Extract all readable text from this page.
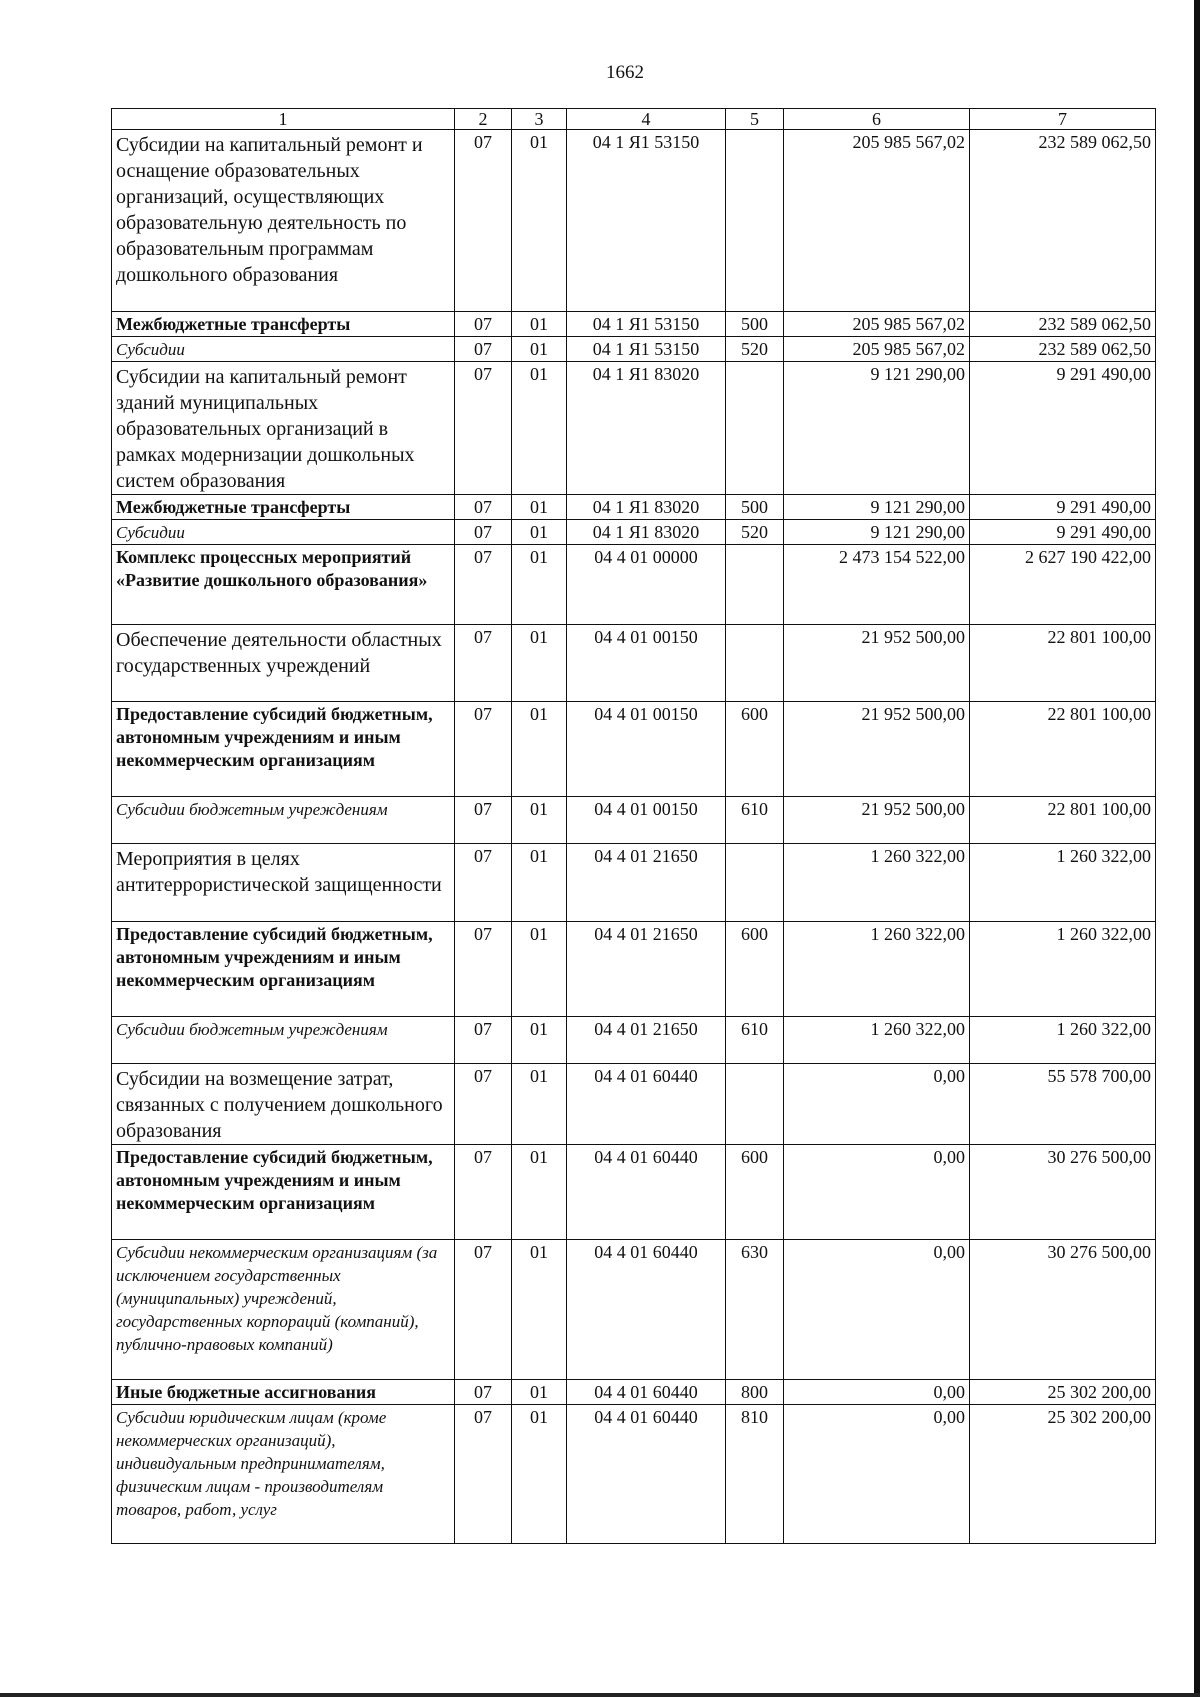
1662
1	2	3	4	5	6	7
Субсидии на капитальный ремонт и оснащение образовательных организаций, осуществляющих образовательную деятельность по образовательным программам дошкольного образования	07	01	04 1 Я1 53150		205 985 567,02	232 589 062,50
Межбюджетные трансферты	07	01	04 1 Я1 53150	500	205 985 567,02	232 589 062,50
Субсидии	07	01	04 1 Я1 53150	520	205 985 567,02	232 589 062,50
Субсидии на капитальный ремонт зданий муниципальных образовательных организаций в рамках модернизации дошкольных систем образования	07	01	04 1 Я1 83020		9 121 290,00	9 291 490,00
Межбюджетные трансферты	07	01	04 1 Я1 83020	500	9 121 290,00	9 291 490,00
Субсидии	07	01	04 1 Я1 83020	520	9 121 290,00	9 291 490,00
Комплекс процессных мероприятий «Развитие дошкольного образования»	07	01	04 4 01 00000		2 473 154 522,00	2 627 190 422,00
Обеспечение деятельности областных государственных учреждений	07	01	04 4 01 00150		21 952 500,00	22 801 100,00
Предоставление субсидий бюджетным, автономным учреждениям и иным некоммерческим организациям	07	01	04 4 01 00150	600	21 952 500,00	22 801 100,00
Субсидии бюджетным учреждениям	07	01	04 4 01 00150	610	21 952 500,00	22 801 100,00
Мероприятия в целях антитеррористической защищенности	07	01	04 4 01 21650		1 260 322,00	1 260 322,00
Предоставление субсидий бюджетным, автономным учреждениям и иным некоммерческим организациям	07	01	04 4 01 21650	600	1 260 322,00	1 260 322,00
Субсидии бюджетным учреждениям	07	01	04 4 01 21650	610	1 260 322,00	1 260 322,00
Субсидии на возмещение затрат, связанных с получением дошкольного образования	07	01	04 4 01 60440		0,00	55 578 700,00
Предоставление субсидий бюджетным, автономным учреждениям и иным некоммерческим организациям	07	01	04 4 01 60440	600	0,00	30 276 500,00
Субсидии некоммерческим организациям (за исключением государственных (муниципальных) учреждений, государственных корпораций (компаний), публично-правовых компаний)	07	01	04 4 01 60440	630	0,00	30 276 500,00
Иные бюджетные ассигнования	07	01	04 4 01 60440	800	0,00	25 302 200,00
Субсидии юридическим лицам (кроме некоммерческих организаций), индивидуальным предпринимателям, физическим лицам - производителям товаров, работ, услуг	07	01	04 4 01 60440	810	0,00	25 302 200,00
